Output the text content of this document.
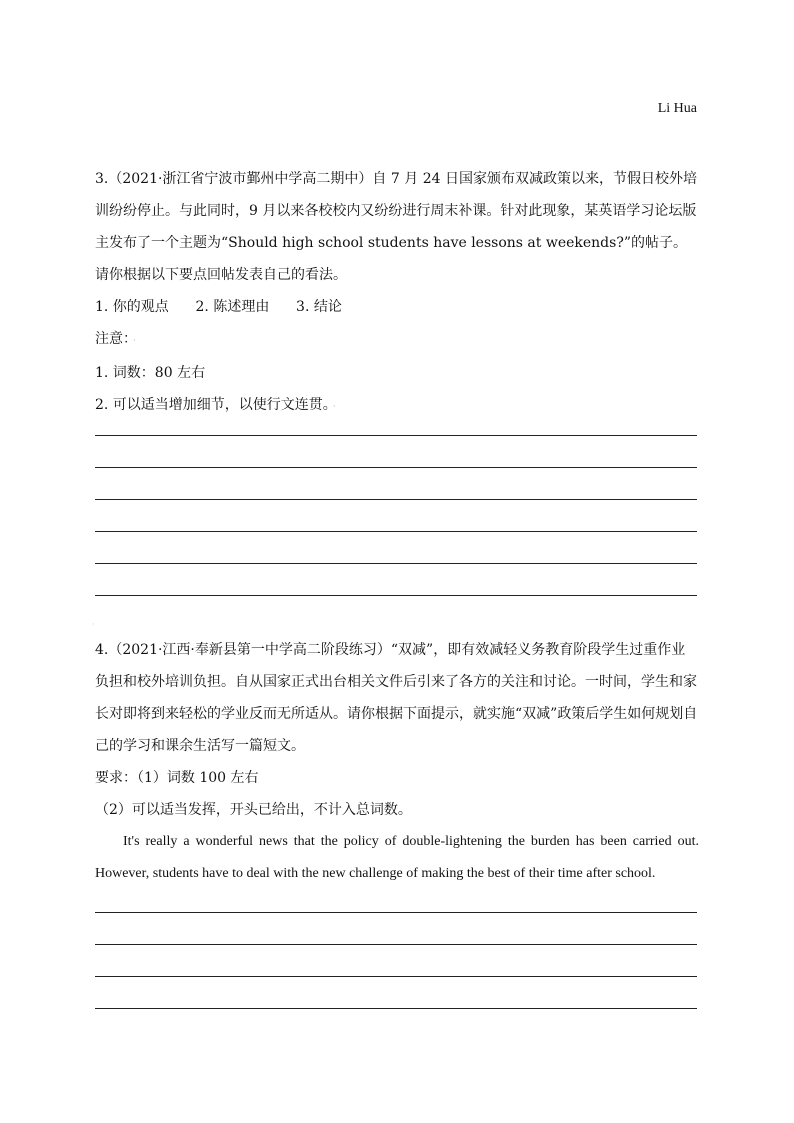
Li Hua

3.（2021·浙江省宁波市鄞州中学高二期中）自 7 月 24 日国家颁布双减政策以来，节假日校外培训纷纷停止。与此同时，9 月以来各校校内又纷纷进行周末补课。针对此现象，某英语学习论坛版主发布了一个主题为“Should high school students have lessons at weekends?”的帖子。请你根据以下要点回帖发表自己的看法。

1. 你的观点 2. 陈述理由 3. 结论

注意： ·

1. 词数：80 左右

2. 可以适当增加细节，以使行文连贯。 ·

·

4.（2021·江西·奉新县第一中学高二阶段练习）“双减”，即有效减轻义务教育阶段学生过重作业负担和校外培训负担。自从国家正式出台相关文件后引来了各方的关注和讨论。一时间，学生和家长对即将到来轻松的学业反而无所适从。请你根据下面提示，就实施“双减”政策后学生如何规划自己的学习和课余生活写一篇短文。

要求：（1）词数 100 左右

（2）可以适当发挥，开头已给出，不计入总词数。

It's really a wonderful news that the policy of double-lightening the burden has been carried out.
However, students have to deal with the new challenge of making the best of their time after school.
